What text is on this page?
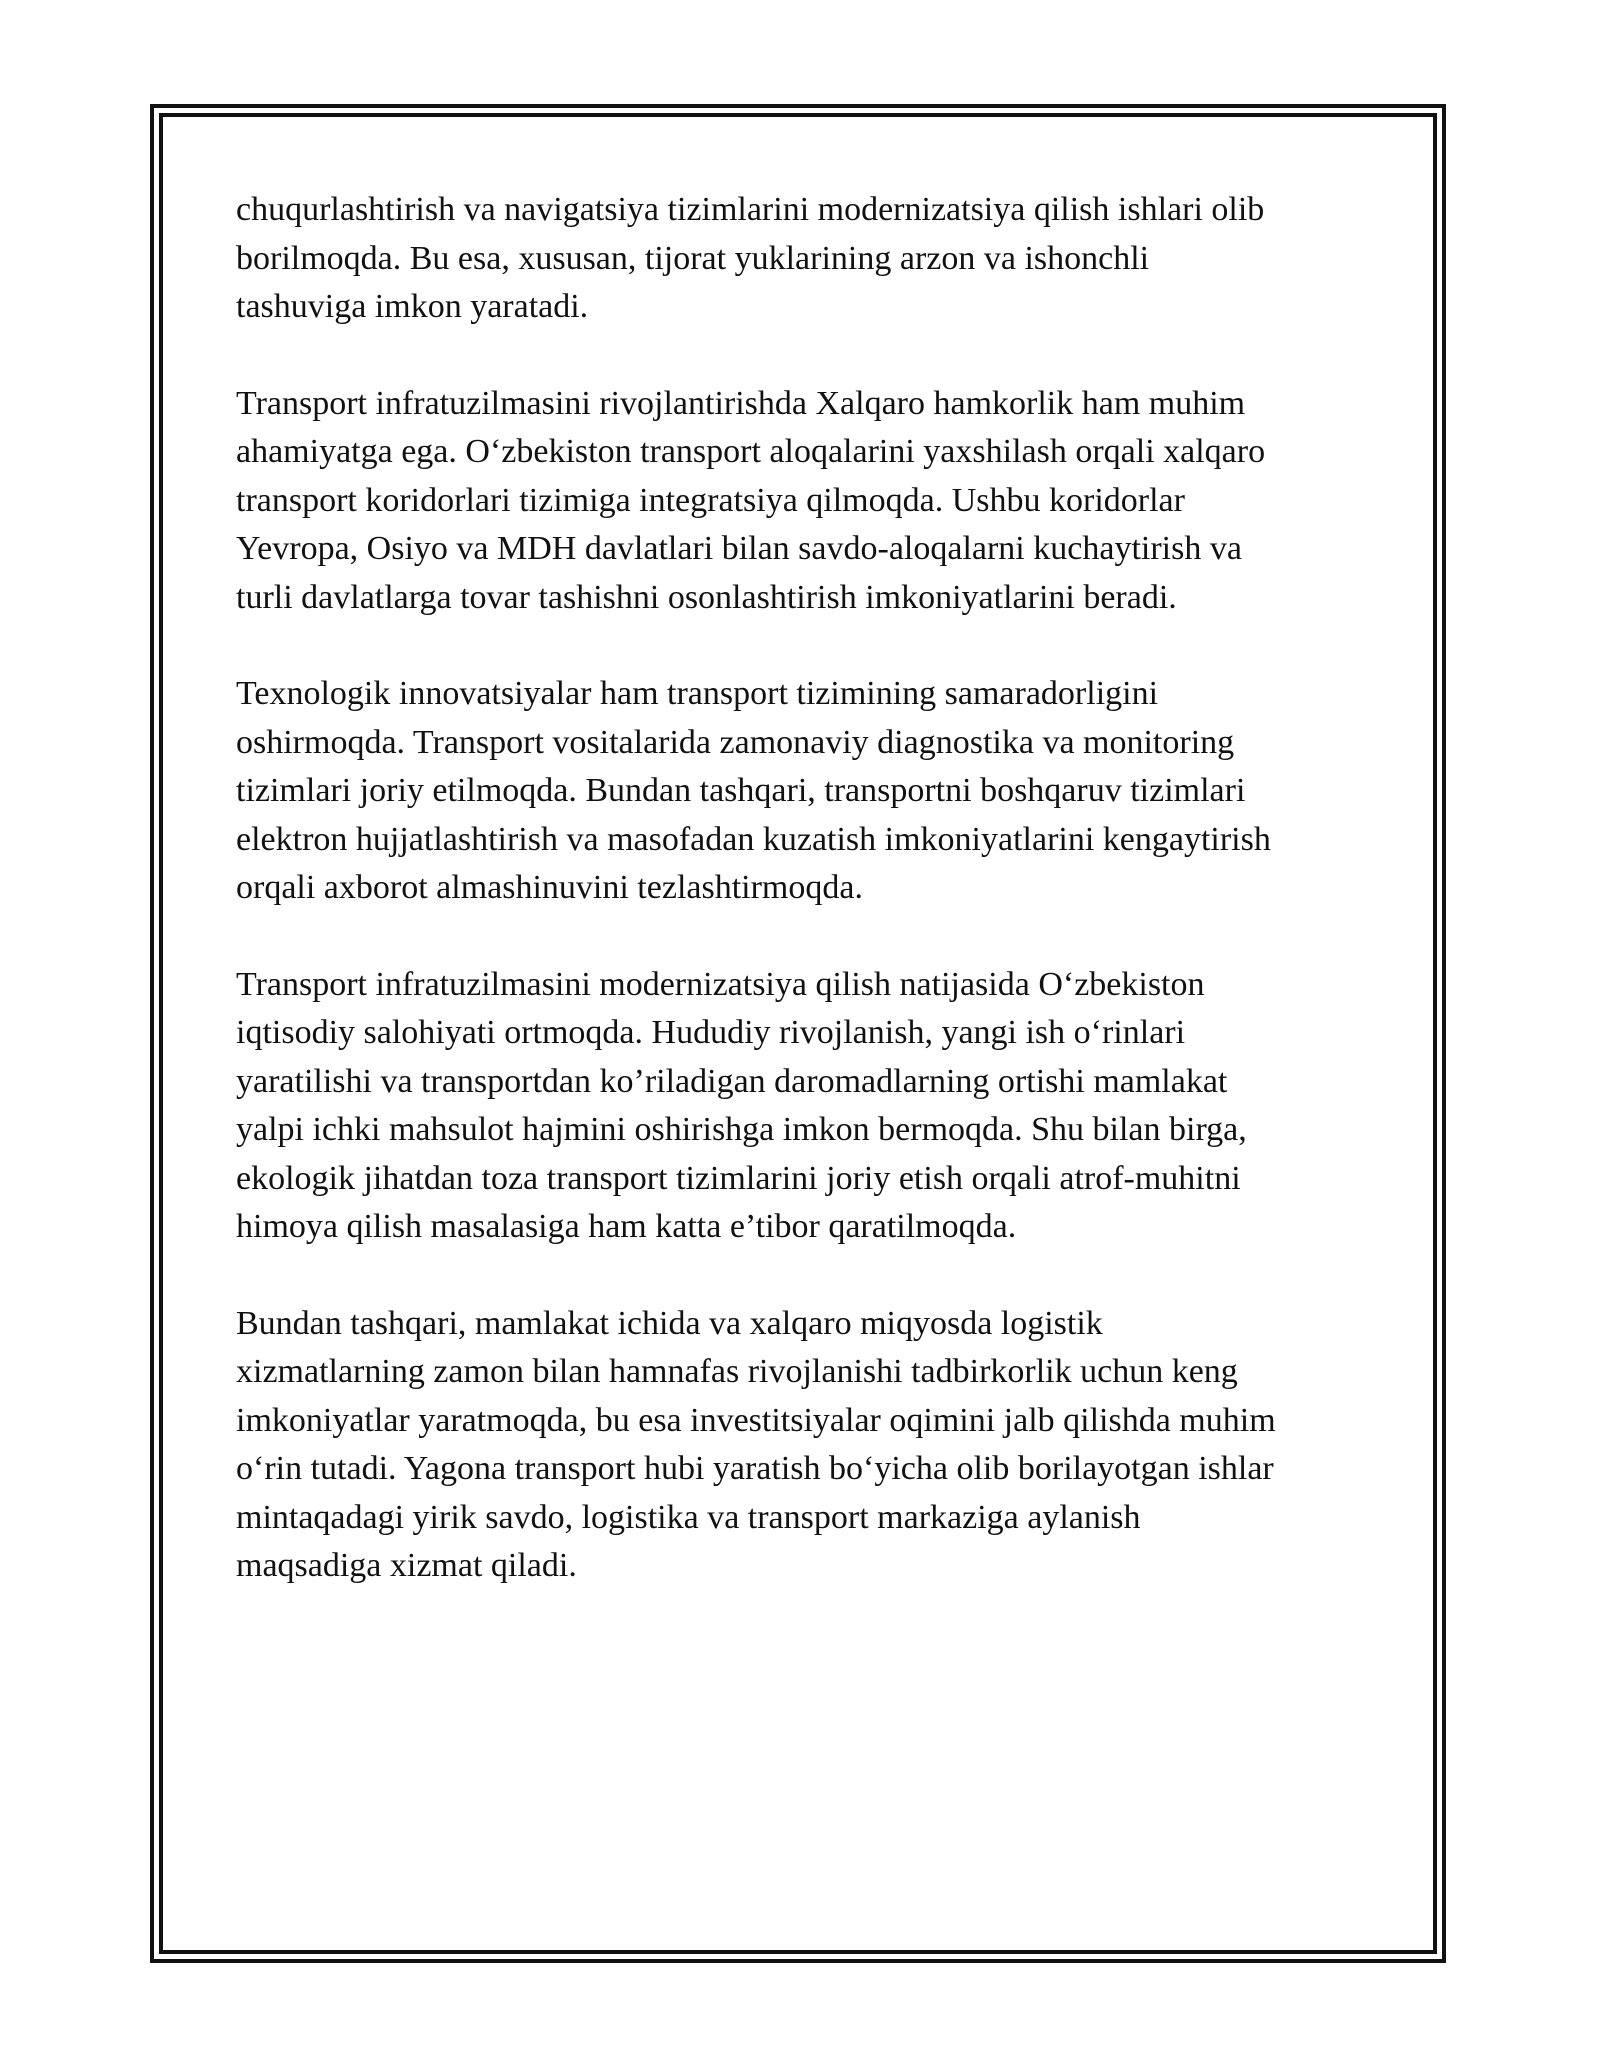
chuqurlashtirish va navigatsiya tizimlarini modernizatsiya qilish ishlari olib
borilmoqda. Bu esa, xususan, tijorat yuklarining arzon va ishonchli
tashuviga imkon yaratadi.

Transport infratuzilmasini rivojlantirishda Xalqaro hamkorlik ham muhim
ahamiyatga ega. O‘zbekiston transport aloqalarini yaxshilash orqali xalqaro
transport koridorlari tizimiga integratsiya qilmoqda. Ushbu koridorlar
Yevropa, Osiyo va MDH davlatlari bilan savdo-aloqalarni kuchaytirish va
turli davlatlarga tovar tashishni osonlashtirish imkoniyatlarini beradi.

Texnologik innovatsiyalar ham transport tizimining samaradorligini
oshirmoqda. Transport vositalarida zamonaviy diagnostika va monitoring
tizimlari joriy etilmoqda. Bundan tashqari, transportni boshqaruv tizimlari
elektron hujjatlashtirish va masofadan kuzatish imkoniyatlarini kengaytirish
orqali axborot almashinuvini tezlashtirmoqda.

Transport infratuzilmasini modernizatsiya qilish natijasida O‘zbekiston
iqtisodiy salohiyati ortmoqda. Hududiy rivojlanish, yangi ish o‘rinlari
yaratilishi va transportdan ko’riladigan daromadlarning ortishi mamlakat
yalpi ichki mahsulot hajmini oshirishga imkon bermoqda. Shu bilan birga,
ekologik jihatdan toza transport tizimlarini joriy etish orqali atrof-muhitni
himoya qilish masalasiga ham katta e’tibor qaratilmoqda.

Bundan tashqari, mamlakat ichida va xalqaro miqyosda logistik
xizmatlarning zamon bilan hamnafas rivojlanishi tadbirkorlik uchun keng
imkoniyatlar yaratmoqda, bu esa investitsiyalar oqimini jalb qilishda muhim
o‘rin tutadi. Yagona transport hubi yaratish bo‘yicha olib borilayotgan ishlar
mintaqadagi yirik savdo, logistika va transport markaziga aylanish
maqsadiga xizmat qiladi.
